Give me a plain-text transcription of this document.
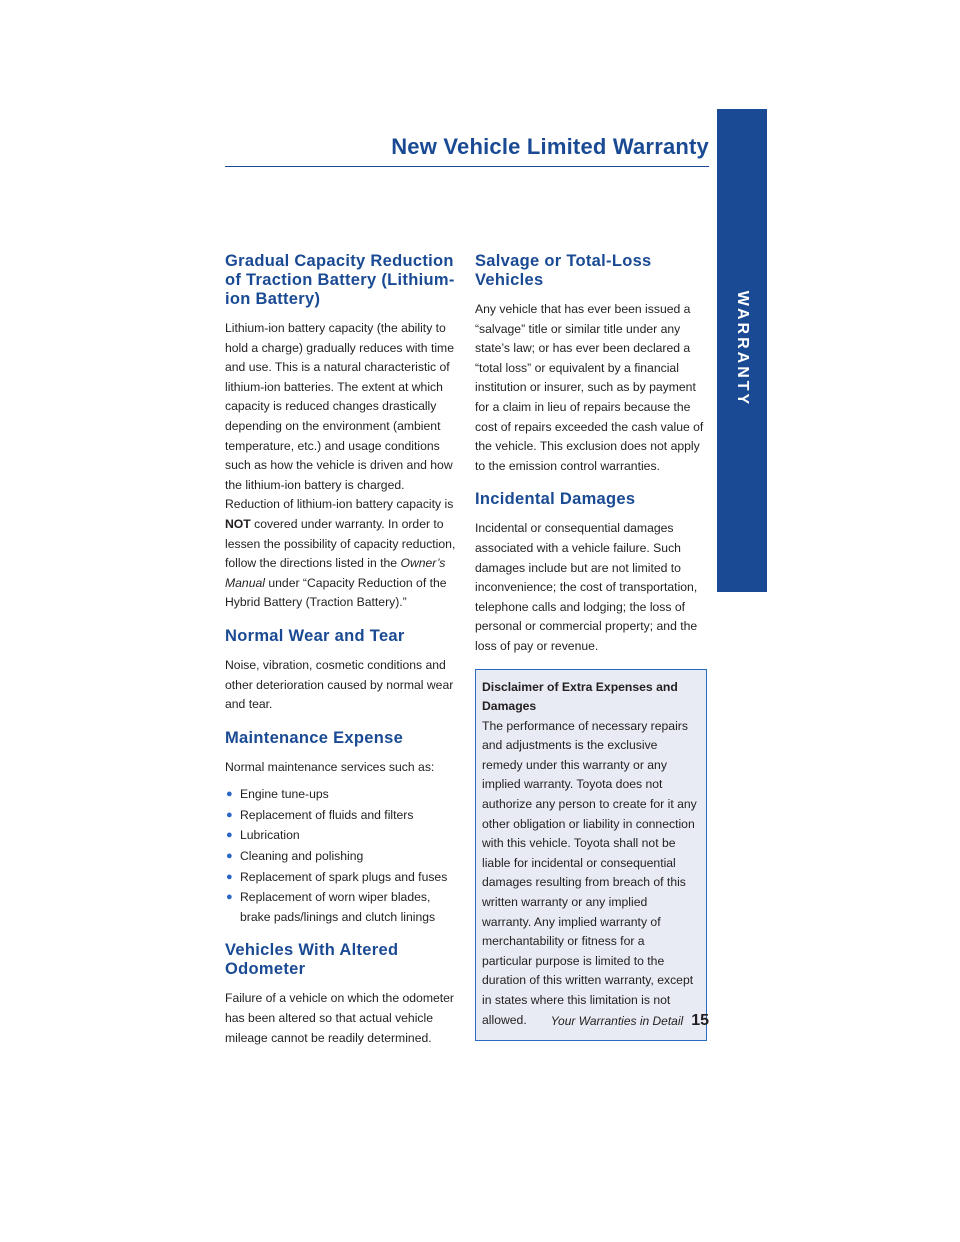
New Vehicle Limited Warranty
WARRANTY
Gradual Capacity Reduction of Traction Battery (Lithium-ion Battery)

Lithium-ion battery capacity (the ability to hold a charge) gradually reduces with time and use. This is a natural characteristic of lithium-ion batteries. The extent at which capacity is reduced changes drastically depending on the environment (ambient temperature, etc.) and usage conditions such as how the vehicle is driven and how the lithium-ion battery is charged. Reduction of lithium-ion battery capacity is NOT covered under warranty. In order to lessen the possibility of capacity reduction, follow the directions listed in the Owner’s Manual under “Capacity Reduction of the Hybrid Battery (Traction Battery).”

Normal Wear and Tear

Noise, vibration, cosmetic conditions and other deterioration caused by normal wear and tear.

Maintenance Expense

Normal maintenance services such as:

● Engine tune-ups
● Replacement of fluids and filters
● Lubrication
● Cleaning and polishing
● Replacement of spark plugs and fuses
● Replacement of worn wiper blades, brake pads/linings and clutch linings
Vehicles With Altered Odometer

Failure of a vehicle on which the odometer has been altered so that actual vehicle mileage cannot be readily determined.

Salvage or Total-Loss Vehicles

Any vehicle that has ever been issued a “salvage” title or similar title under any state’s law; or has ever been declared a “total loss” or equivalent by a financial institution or insurer, such as by payment for a claim in lieu of repairs because the cost of repairs exceeded the cash value of the vehicle. This exclusion does not apply to the emission control warranties.

Incidental Damages

Incidental or consequential damages associated with a vehicle failure. Such damages include but are not limited to inconvenience; the cost of transportation, telephone calls and lodging; the loss of personal or commercial property; and the loss of pay or revenue.

Disclaimer of Extra Expenses and Damages

The performance of necessary repairs and adjustments is the exclusive remedy under this warranty or any implied warranty. Toyota does not authorize any person to create for it any other obligation or liability in connection with this vehicle. Toyota shall not be liable for incidental or consequential damages resulting from breach of this written warranty or any implied warranty. Any implied warranty of merchantability or fitness for a particular purpose is limited to the duration of this written warranty, except in states where this limitation is not allowed.	Your Warranties in Detail 15
